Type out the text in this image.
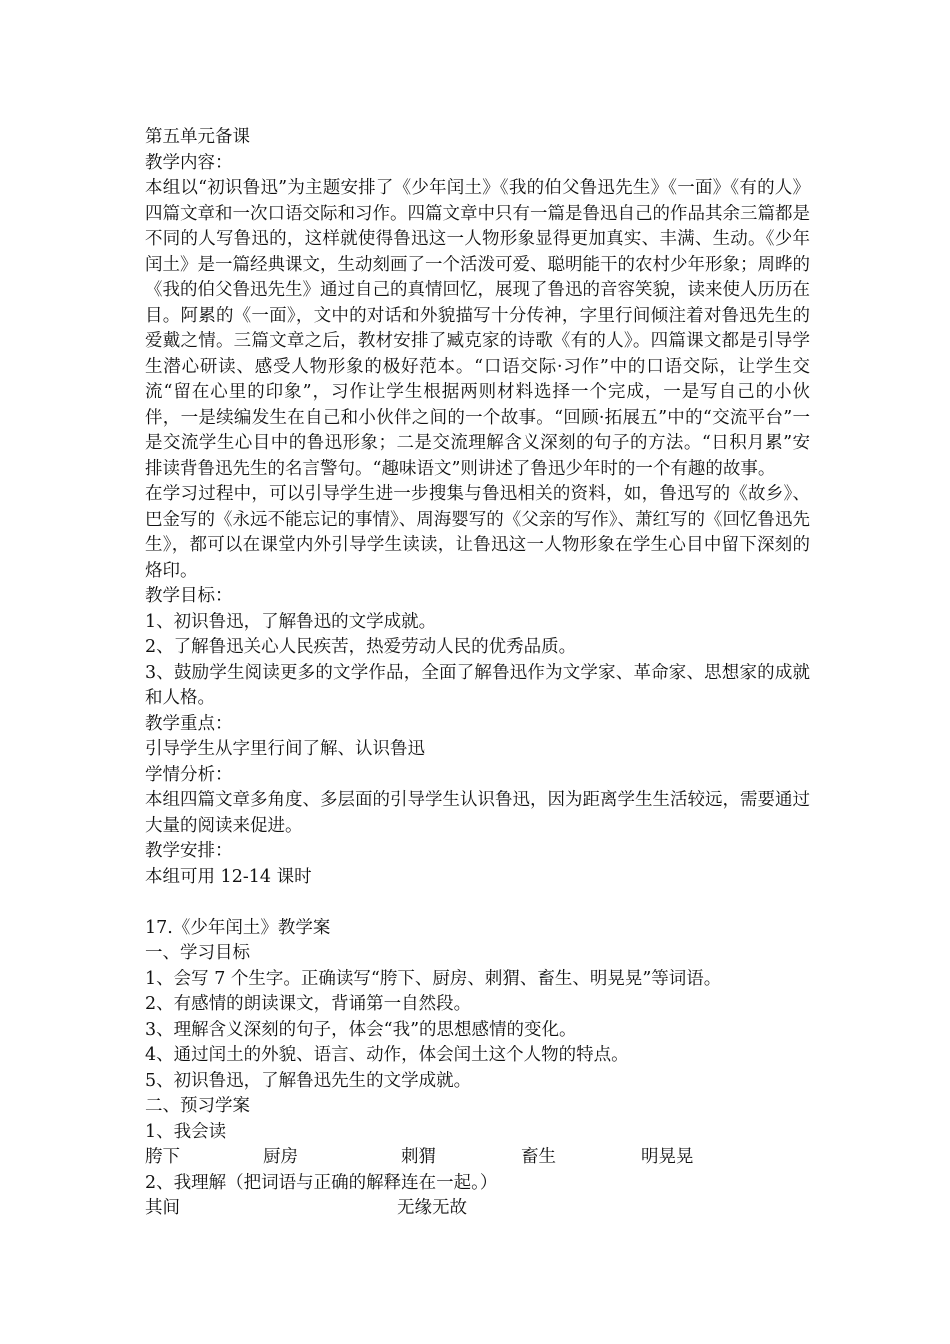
第五单元备课

教学内容：

本组以“初识鲁迅”为主题安排了《少年闰土》《我的伯父鲁迅先生》《一面》《有的人》四篇文章和一次口语交际和习作。四篇文章中只有一篇是鲁迅自己的作品其余三篇都是不同的人写鲁迅的，这样就使得鲁迅这一人物形象显得更加真实、丰满、生动。《少年闰土》是一篇经典课文，生动刻画了一个活泼可爱、聪明能干的农村少年形象；周晔的《我的伯父鲁迅先生》通过自己的真情回忆，展现了鲁迅的音容笑貌，读来使人历历在目。阿累的《一面》，文中的对话和外貌描写十分传神，字里行间倾注着对鲁迅先生的爱戴之情。三篇文章之后，教材安排了臧克家的诗歌《有的人》。四篇课文都是引导学生潜心研读、感受人物形象的极好范本。“口语交际·习作”中的口语交际，让学生交流“留在心里的印象”，习作让学生根据两则材料选择一个完成，一是写自己的小伙伴，一是续编发生在自己和小伙伴之间的一个故事。“回顾·拓展五”中的“交流平台”一是交流学生心目中的鲁迅形象；二是交流理解含义深刻的句子的方法。“日积月累”安排读背鲁迅先生的名言警句。“趣味语文”则讲述了鲁迅少年时的一个有趣的故事。

在学习过程中，可以引导学生进一步搜集与鲁迅相关的资料，如，鲁迅写的《故乡》、巴金写的《永远不能忘记的事情》、周海婴写的《父亲的写作》、萧红写的《回忆鲁迅先生》，都可以在课堂内外引导学生读读，让鲁迅这一人物形象在学生心目中留下深刻的烙印。

教学目标：

1、初识鲁迅，了解鲁迅的文学成就。

2、了解鲁迅关心人民疾苦，热爱劳动人民的优秀品质。

3、鼓励学生阅读更多的文学作品，全面了解鲁迅作为文学家、革命家、思想家的成就和人格。

教学重点：

引导学生从字里行间了解、认识鲁迅

学情分析：

本组四篇文章多角度、多层面的引导学生认识鲁迅，因为距离学生生活较远，需要通过大量的阅读来促进。

教学安排：

本组可用 12-14 课时

17.《少年闰土》教学案

一、学习目标

1、会写 7 个生字。正确读写“胯下、厨房、刺猬、畜生、明晃晃”等词语。

2、有感情的朗读课文，背诵第一自然段。

3、理解含义深刻的句子，体会“我”的思想感情的变化。

4、通过闰土的外貌、语言、动作，体会闰土这个人物的特点。

5、初识鲁迅，了解鲁迅先生的文学成就。

二、预习学案

1、我会读

胯下	厨房	刺猬	畜生	明晃晃

2、我理解（把词语与正确的解释连在一起。）

其间	无缘无故
